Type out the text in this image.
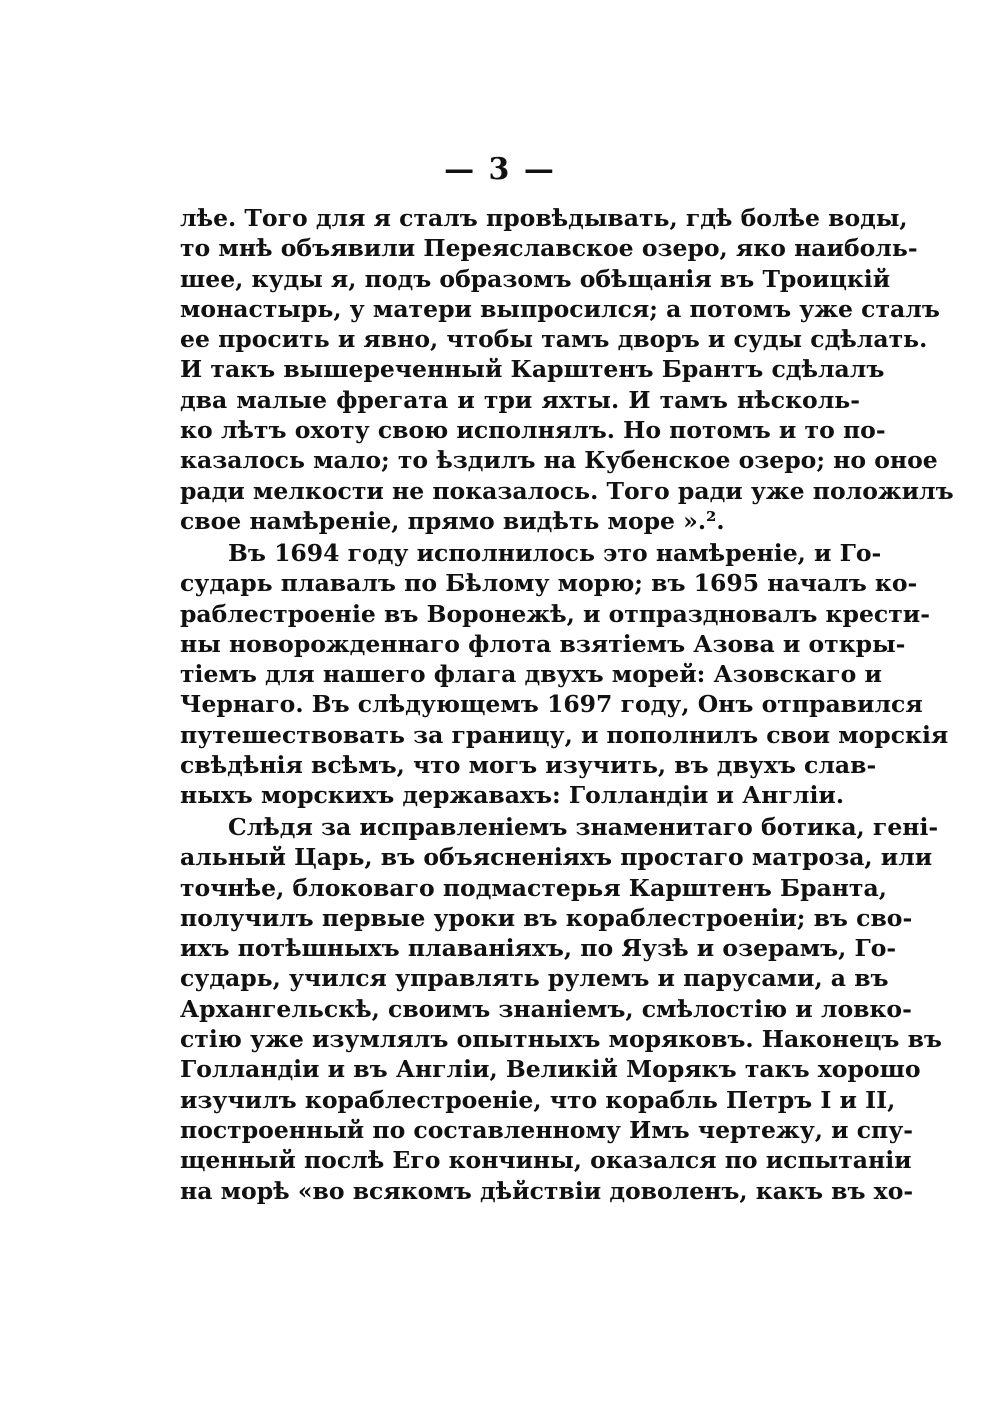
— 3 —
лѣе. Того для я сталъ провѣдывать, гдѣ болѣе воды,
то мнѣ объявили Переяславское озеро, яко наиболь-
шее, куды я, подъ образомъ обѣщанія въ Троицкій
монастырь, у матери выпросился; а потомъ уже сталъ
ее просить и явно, чтобы тамъ дворъ и суды сдѣлать.
И такъ вышереченный Карштенъ Брантъ сдѣлалъ
два малые фрегата и три яхты. И тамъ нѣсколь-
ко лѣтъ охоту свою исполнялъ. Но потомъ и то по-
казалось мало; то ѣздилъ на Кубенское озеро; но оное
ради мелкости не показалось. Того ради уже положилъ
свое намѣреніе, прямо видѣть море ».².
Въ 1694 году исполнилось это намѣреніе, и Го-
сударь плавалъ по Бѣлому морю; въ 1695 началъ ко-
раблестроеніе въ Воронежѣ, и отпраздновалъ крести-
ны новорожденнаго флота взятіемъ Азова и откры-
тіемъ для нашего флага двухъ морей: Азовскаго и
Чернаго. Въ слѣдующемъ 1697 году, Онъ отправился
путешествовать за границу, и пополнилъ свои морскія
свѣдѣнія всѣмъ, что могъ изучить, въ двухъ слав-
ныхъ морскихъ державахъ: Голландіи и Англіи.
Слѣдя за исправленіемъ знаменитаго ботика, гені-
альный Царь, въ объясненіяхъ простаго матроза, или
точнѣе, блоковаго подмастерья Карштенъ Бранта,
получилъ первые уроки въ кораблестроеніи; въ сво-
ихъ потѣшныхъ плаваніяхъ, по Яузѣ и озерамъ, Го-
сударь, учился управлять рулемъ и парусами, а въ
Архангельскѣ, своимъ знаніемъ, смѣлостію и ловко-
стію уже изумлялъ опытныхъ моряковъ. Наконецъ въ
Голландіи и въ Англіи, Великій Морякъ такъ хорошо
изучилъ кораблестроеніе, что корабль Петръ I и II,
построенный по составленному Имъ чертежу, и спу-
щенный послѣ Его кончины, оказался по испытаніи
на морѣ «во всякомъ дѣйствіи доволенъ, какъ въ хо-
